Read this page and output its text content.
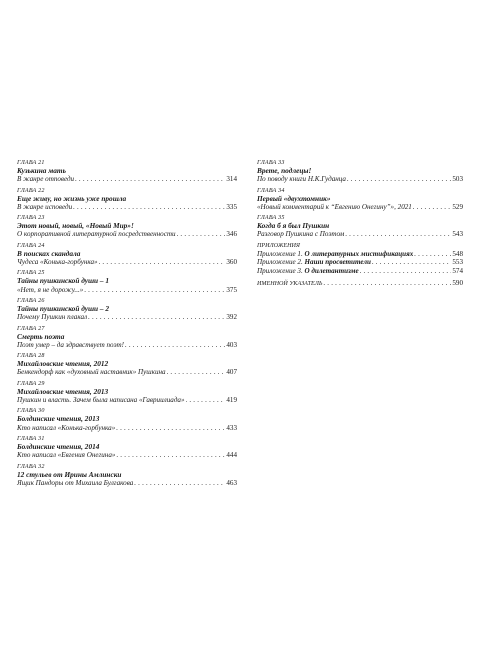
ГЛАВА 21
Кузькина мать
В жанре отповеди . . .	314
ГЛАВА 22
Еще живу, но жизнь уже прошла
В жанре исповеди . . .	335
ГЛАВА 23
Этот новый, новый, «Новый Мир»!
О корпоративной литературной посредственности . . .	346
ГЛАВА 24
В поисках скандала
Чудеса «Конька-горбунка» . . .	360
ГЛАВА 25
Тайны пушкинской души – 1
«Нет, я не дорожу...» . . .	375
ГЛАВА 26
Тайны пушкинской души – 2
Почему Пушкин плакал . . .	392
ГЛАВА 27
Смерть поэта
Поэт умер – да здравствует поэт! . . .	403
ГЛАВА 28
Михайловские чтения, 2012
Бенкендорф как «духовный наставник» Пушкина . . .	407
ГЛАВА 29
Михайловские чтения, 2013
Пушкин и власть. Зачем была написана «Гавриилиада» . . .	419
ГЛАВА 30
Болдинские чтения, 2013
Кто написал «Конька-горбунка» . . .	433
ГЛАВА 31
Болдинские чтения, 2014
Кто написал «Евгения Онегина» . . .	444
ГЛАВА 32
12 стульев от Ирины Амлински
Ящик Пандоры от Михаила Булгакова . . .	463
ГЛАВА 33
Врете, подлецы!
По поводу книги Н.К.Гуданца . . .	503
ГЛАВА 34
Первый «двухтомник»
«Новый комментарий к “Евгению Онегину”», 2021 . . .	529
ГЛАВА 35
Когда б я был Пушкин
Разговор Пушкина с Поэтом . . .	543
ПРИЛОЖЕНИЯ
Приложение 1.
О литературных мистификациях . . .	548
Приложение 2.
Наши просветители . . .	553
Приложение 3.
О дилетантизме . . .	574
ИМЕННОЙ УКАЗАТЕЛЬ . . .	590
